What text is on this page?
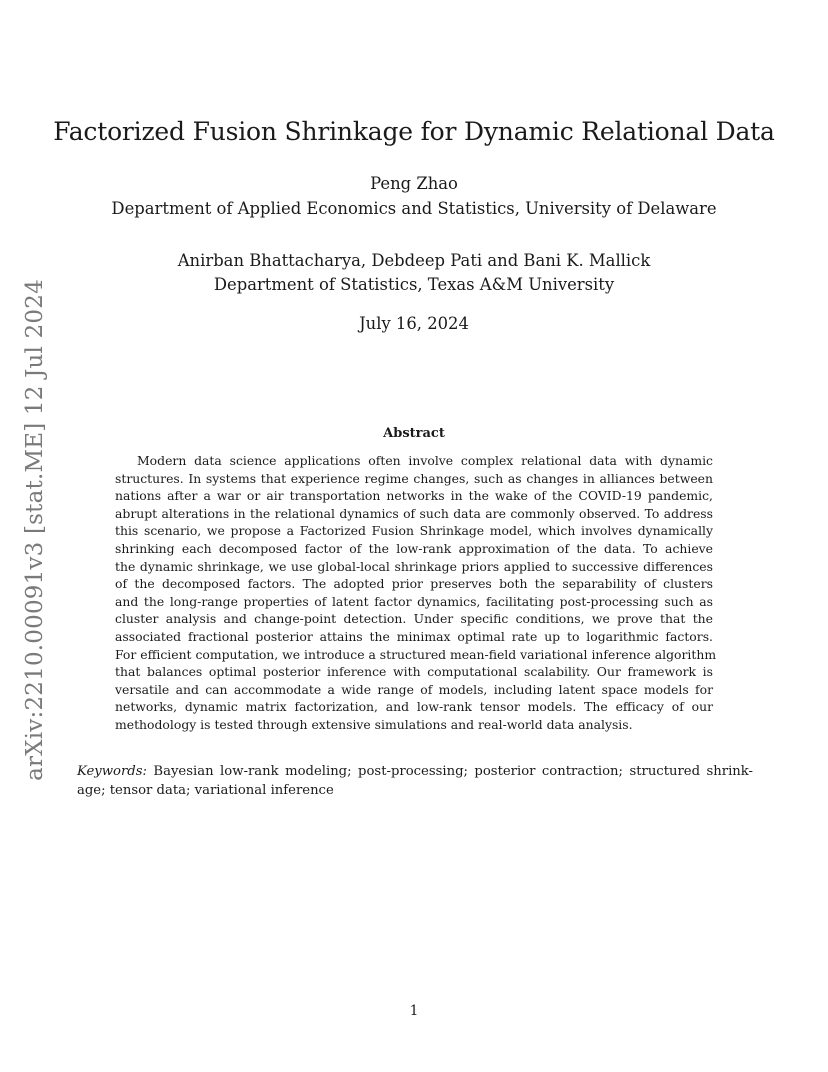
arXiv:2210.00091v3 [stat.ME] 12 Jul 2024
Factorized Fusion Shrinkage for Dynamic Relational Data
Peng Zhao
Department of Applied Economics and Statistics, University of Delaware
Anirban Bhattacharya, Debdeep Pati and Bani K. Mallick
Department of Statistics, Texas A&M University
July 16, 2024
Abstract
Modern data science applications often involve complex relational data with dynamic
structures. In systems that experience regime changes, such as changes in alliances between
nations after a war or air transportation networks in the wake of the COVID-19 pandemic,
abrupt alterations in the relational dynamics of such data are commonly observed. To address
this scenario, we propose a Factorized Fusion Shrinkage model, which involves dynamically
shrinking each decomposed factor of the low-rank approximation of the data. To achieve
the dynamic shrinkage, we use global-local shrinkage priors applied to successive differences
of the decomposed factors. The adopted prior preserves both the separability of clusters
and the long-range properties of latent factor dynamics, facilitating post-processing such as
cluster analysis and change-point detection. Under specific conditions, we prove that the
associated fractional posterior attains the minimax optimal rate up to logarithmic factors.
For efficient computation, we introduce a structured mean-field variational inference algorithm
that balances optimal posterior inference with computational scalability. Our framework is
versatile and can accommodate a wide range of models, including latent space models for
networks, dynamic matrix factorization, and low-rank tensor models. The efficacy of our
methodology is tested through extensive simulations and real-world data analysis.
Keywords: Bayesian low-rank modeling; post-processing; posterior contraction; structured shrink-
age; tensor data; variational inference
1
